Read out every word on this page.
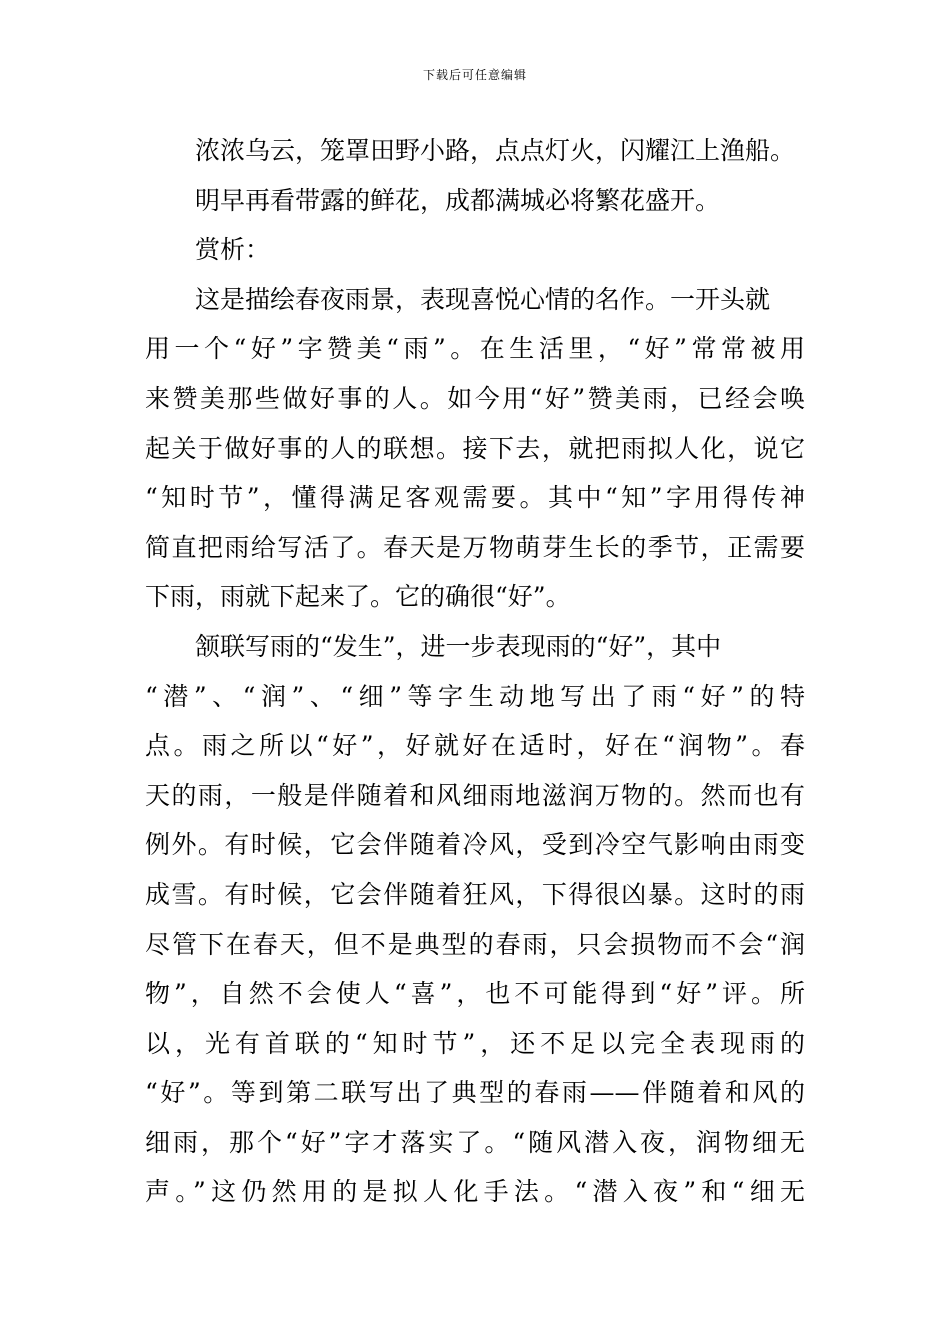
下载后可任意编辑
浓浓乌云，笼罩田野小路，点点灯火，闪耀江上渔船。
明早再看带露的鲜花，成都满城必将繁花盛开。
赏析：
这是描绘春夜雨景，表现喜悦心情的名作。一开头就
用一个“好”字赞美“雨”。在生活里，“好”常常被用
来赞美那些做好事的人。如今用“好”赞美雨，已经会唤
起关于做好事的人的联想。接下去，就把雨拟人化，说它
“知时节”，懂得满足客观需要。其中“知”字用得传神
简直把雨给写活了。春天是万物萌芽生长的季节，正需要
下雨，雨就下起来了。它的确很“好”。
颔联写雨的“发生”，进一步表现雨的“好”，其中
“潜”、“润”、“细”等字生动地写出了雨“好”的特
点。雨之所以“好”，好就好在适时，好在“润物”。春
天的雨，一般是伴随着和风细雨地滋润万物的。然而也有
例外。有时候，它会伴随着冷风，受到冷空气影响由雨变
成雪。有时候，它会伴随着狂风，下得很凶暴。这时的雨
尽管下在春天，但不是典型的春雨，只会损物而不会“润
物”，自然不会使人“喜”，也不可能得到“好”评。所
以，光有首联的“知时节”，还不足以完全表现雨的
“好”。等到第二联写出了典型的春雨——伴随着和风的
细雨，那个“好”字才落实了。“随风潜入夜，润物细无
声。”这仍然用的是拟人化手法。“潜入夜”和“细无
